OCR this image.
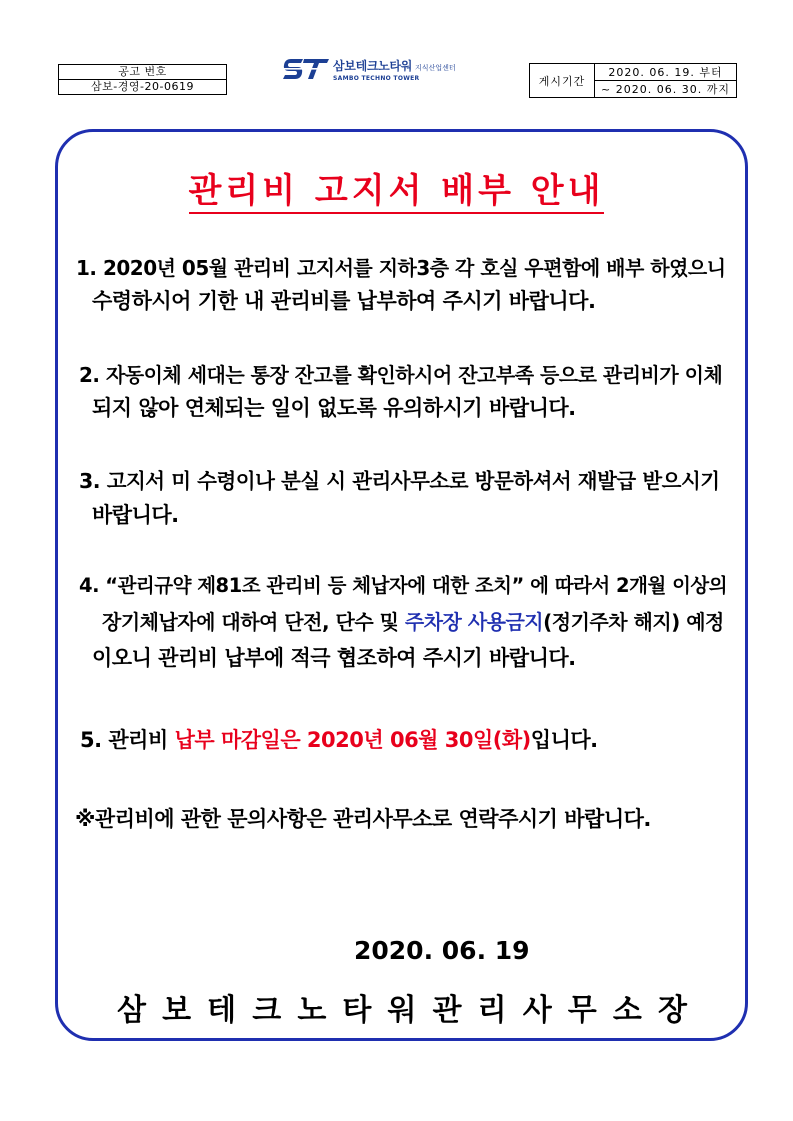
공고 번호
삼보-경영-20-0619
삼보테크노타워 지식산업센터
SAMBO TECHNO TOWER	게시기간
2020. 06. 19. 부터
~ 2020. 06. 30. 까지
관리비 고지서 배부 안내
1. 2020년 05월 관리비 고지서를 지하3층 각 호실 우편함에 배부 하였으니
수령하시어 기한 내 관리비를 납부하여 주시기 바랍니다.
2. 자동이체 세대는 통장 잔고를 확인하시어 잔고부족 등으로 관리비가 이체
되지 않아 연체되는 일이 없도록 유의하시기 바랍니다.
3. 고지서 미 수령이나 분실 시 관리사무소로 방문하셔서 재발급 받으시기
바랍니다.
4. “관리규약 제81조 관리비 등 체납자에 대한 조치” 에 따라서 2개월 이상의
장기체납자에 대하여 단전, 단수 및 주차장 사용금지(정기주차 해지) 예정
이오니 관리비 납부에 적극 협조하여 주시기 바랍니다.
5. 관리비 납부 마감일은 2020년 06월 30일(화)입니다.
※관리비에 관한 문의사항은 관리사무소로 연락주시기 바랍니다.
2020. 06. 19
삼 보 테 크 노 타 워 관 리 사 무 소 장
